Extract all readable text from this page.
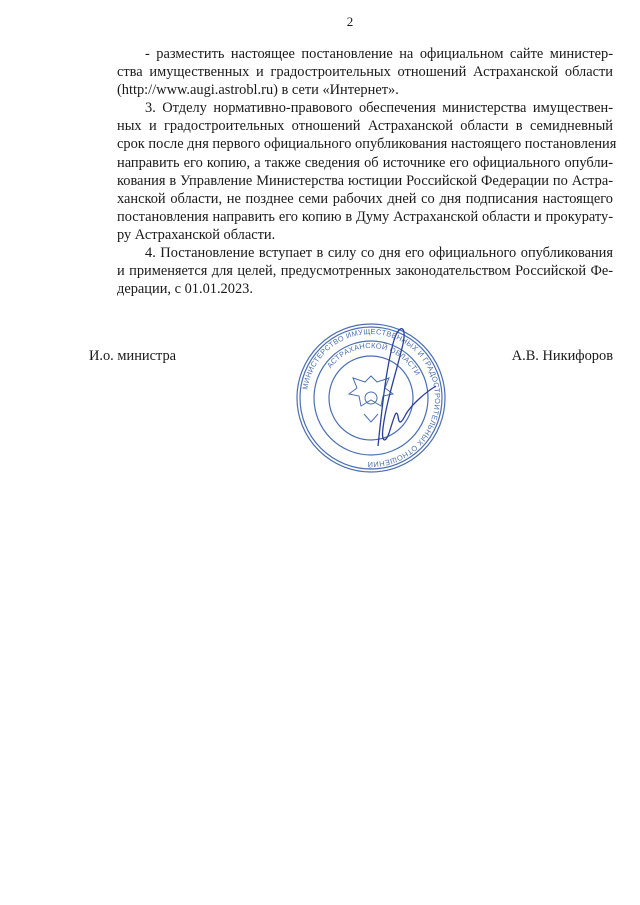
2

- разместить настоящее постановление на официальном сайте министер-
ства имущественных и градостроительных отношений Астраханской области
(http://www.augi.astrobl.ru) в сети «Интернет».

3. Отделу нормативно-правового обеспечения министерства имуществен-
ных и градостроительных отношений Астраханской области в семидневный
срок после дня первого официального опубликования настоящего постановления
направить его копию, а также сведения об источнике его официального опубли-
кования в Управление Министерства юстиции Российской Федерации по Астра-
ханской области, не позднее семи рабочих дней со дня подписания настоящего
постановления направить его копию в Думу Астраханской области и прокурату-
ру Астраханской области.

4. Постановление вступает в силу со дня его официального опубликования
и применяется для целей, предусмотренных законодательством Российской Фе-
дерации, с 01.01.2023.

И.о. министра	А.В. Никифоров
МИНИСТЕРСТВО ИМУЩЕСТВЕННЫХ И ГРАДОСТРОИТЕЛЬНЫХ ОТНОШЕНИЙ
АСТРАХАНСКОЙ ОБЛАСТИ
